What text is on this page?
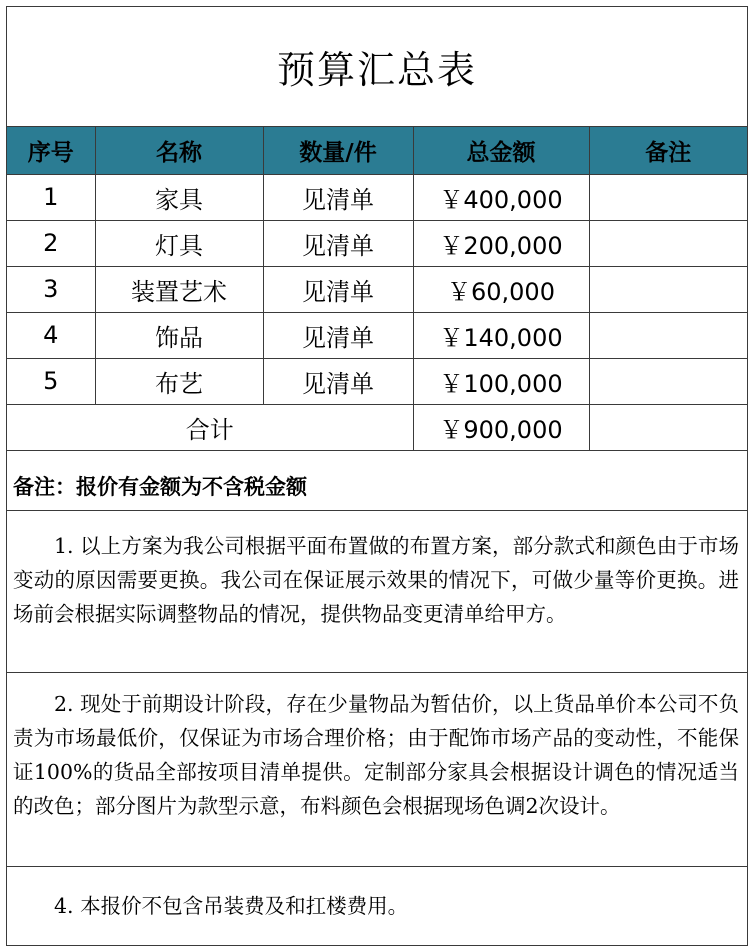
预算汇总表
序号	名称	数量/件	总金额	备注
1	家具	见清单	￥400,000	
2	灯具	见清单	￥200,000	
3	装置艺术	见清单	￥60,000	
4	饰品	见清单	￥140,000	
5	布艺	见清单	￥100,000	
合计			￥900,000	
备注：报价有金额为不含税金额
1. 以上方案为我公司根据平面布置做的布置方案，部分款式和颜色由于市场变动的原因需要更换。我公司在保证展示效果的情况下，可做少量等价更换。进场前会根据实际调整物品的情况，提供物品变更清单给甲方。
2. 现处于前期设计阶段，存在少量物品为暂估价，以上货品单价本公司不负责为市场最低价，仅保证为市场合理价格；由于配饰市场产品的变动性，不能保证100%的货品全部按项目清单提供。定制部分家具会根据设计调色的情况适当的改色；部分图片为款型示意，布料颜色会根据现场色调2次设计。
4. 本报价不包含吊装费及和扛楼费用。
